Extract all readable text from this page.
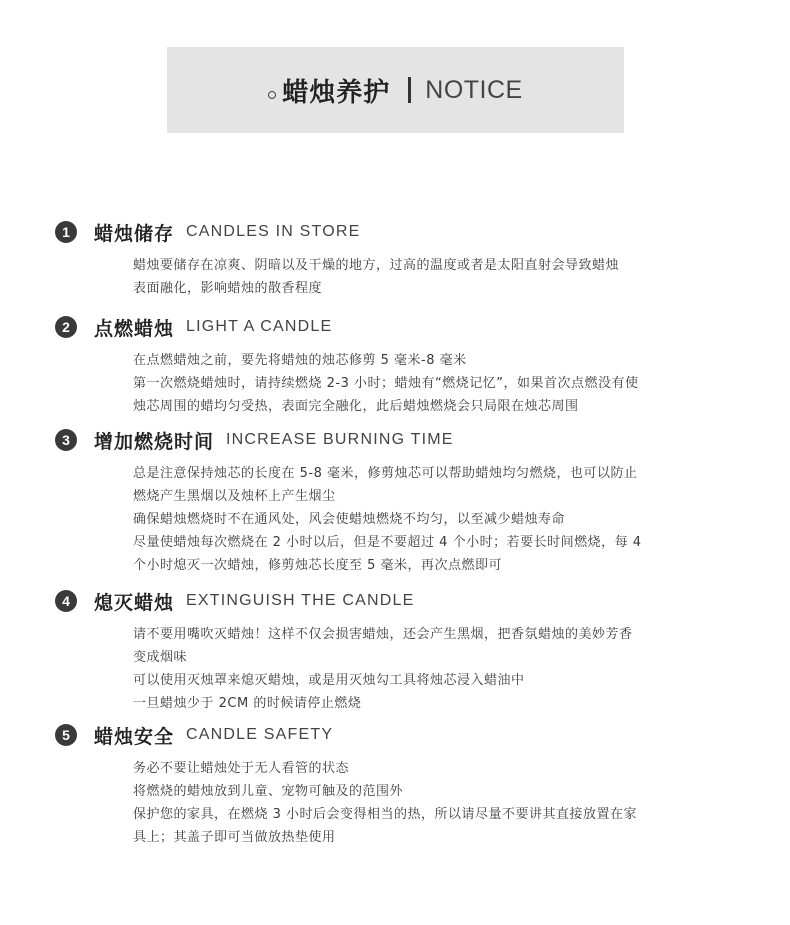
蜡烛养护 NOTICE
1	蜡烛储存 CANDLES IN STORE
蜡烛要储存在凉爽、阴暗以及干燥的地方，过高的温度或者是太阳直射会导致蜡烛
表面融化，影响蜡烛的散香程度
2	点燃蜡烛 LIGHT A CANDLE
在点燃蜡烛之前，要先将蜡烛的烛芯修剪 5 毫米-8 毫米
第一次燃烧蜡烛时，请持续燃烧 2-3 小时；蜡烛有“燃烧记忆”，如果首次点燃没有使
烛芯周围的蜡均匀受热，表面完全融化，此后蜡烛燃烧会只局限在烛芯周围
3	增加燃烧时间 INCREASE BURNING TIME
总是注意保持烛芯的长度在 5-8 毫米，修剪烛芯可以帮助蜡烛均匀燃烧，也可以防止
燃烧产生黑烟以及烛杯上产生烟尘
确保蜡烛燃烧时不在通风处，风会使蜡烛燃烧不均匀，以至减少蜡烛寿命
尽量使蜡烛每次燃烧在 2 小时以后，但是不要超过 4 个小时；若要长时间燃烧，每 4
个小时熄灭一次蜡烛，修剪烛芯长度至 5 毫米，再次点燃即可
4	熄灭蜡烛 EXTINGUISH THE CANDLE
请不要用嘴吹灭蜡烛！这样不仅会损害蜡烛，还会产生黑烟，把香氛蜡烛的美妙芳香
变成烟味
可以使用灭烛罩来熄灭蜡烛，或是用灭烛勾工具将烛芯浸入蜡油中
一旦蜡烛少于 2CM 的时候请停止燃烧
5	蜡烛安全 CANDLE SAFETY
务必不要让蜡烛处于无人看管的状态
将燃烧的蜡烛放到儿童、宠物可触及的范围外
保护您的家具，在燃烧 3 小时后会变得相当的热，所以请尽量不要讲其直接放置在家
具上；其盖子即可当做放热垫使用
